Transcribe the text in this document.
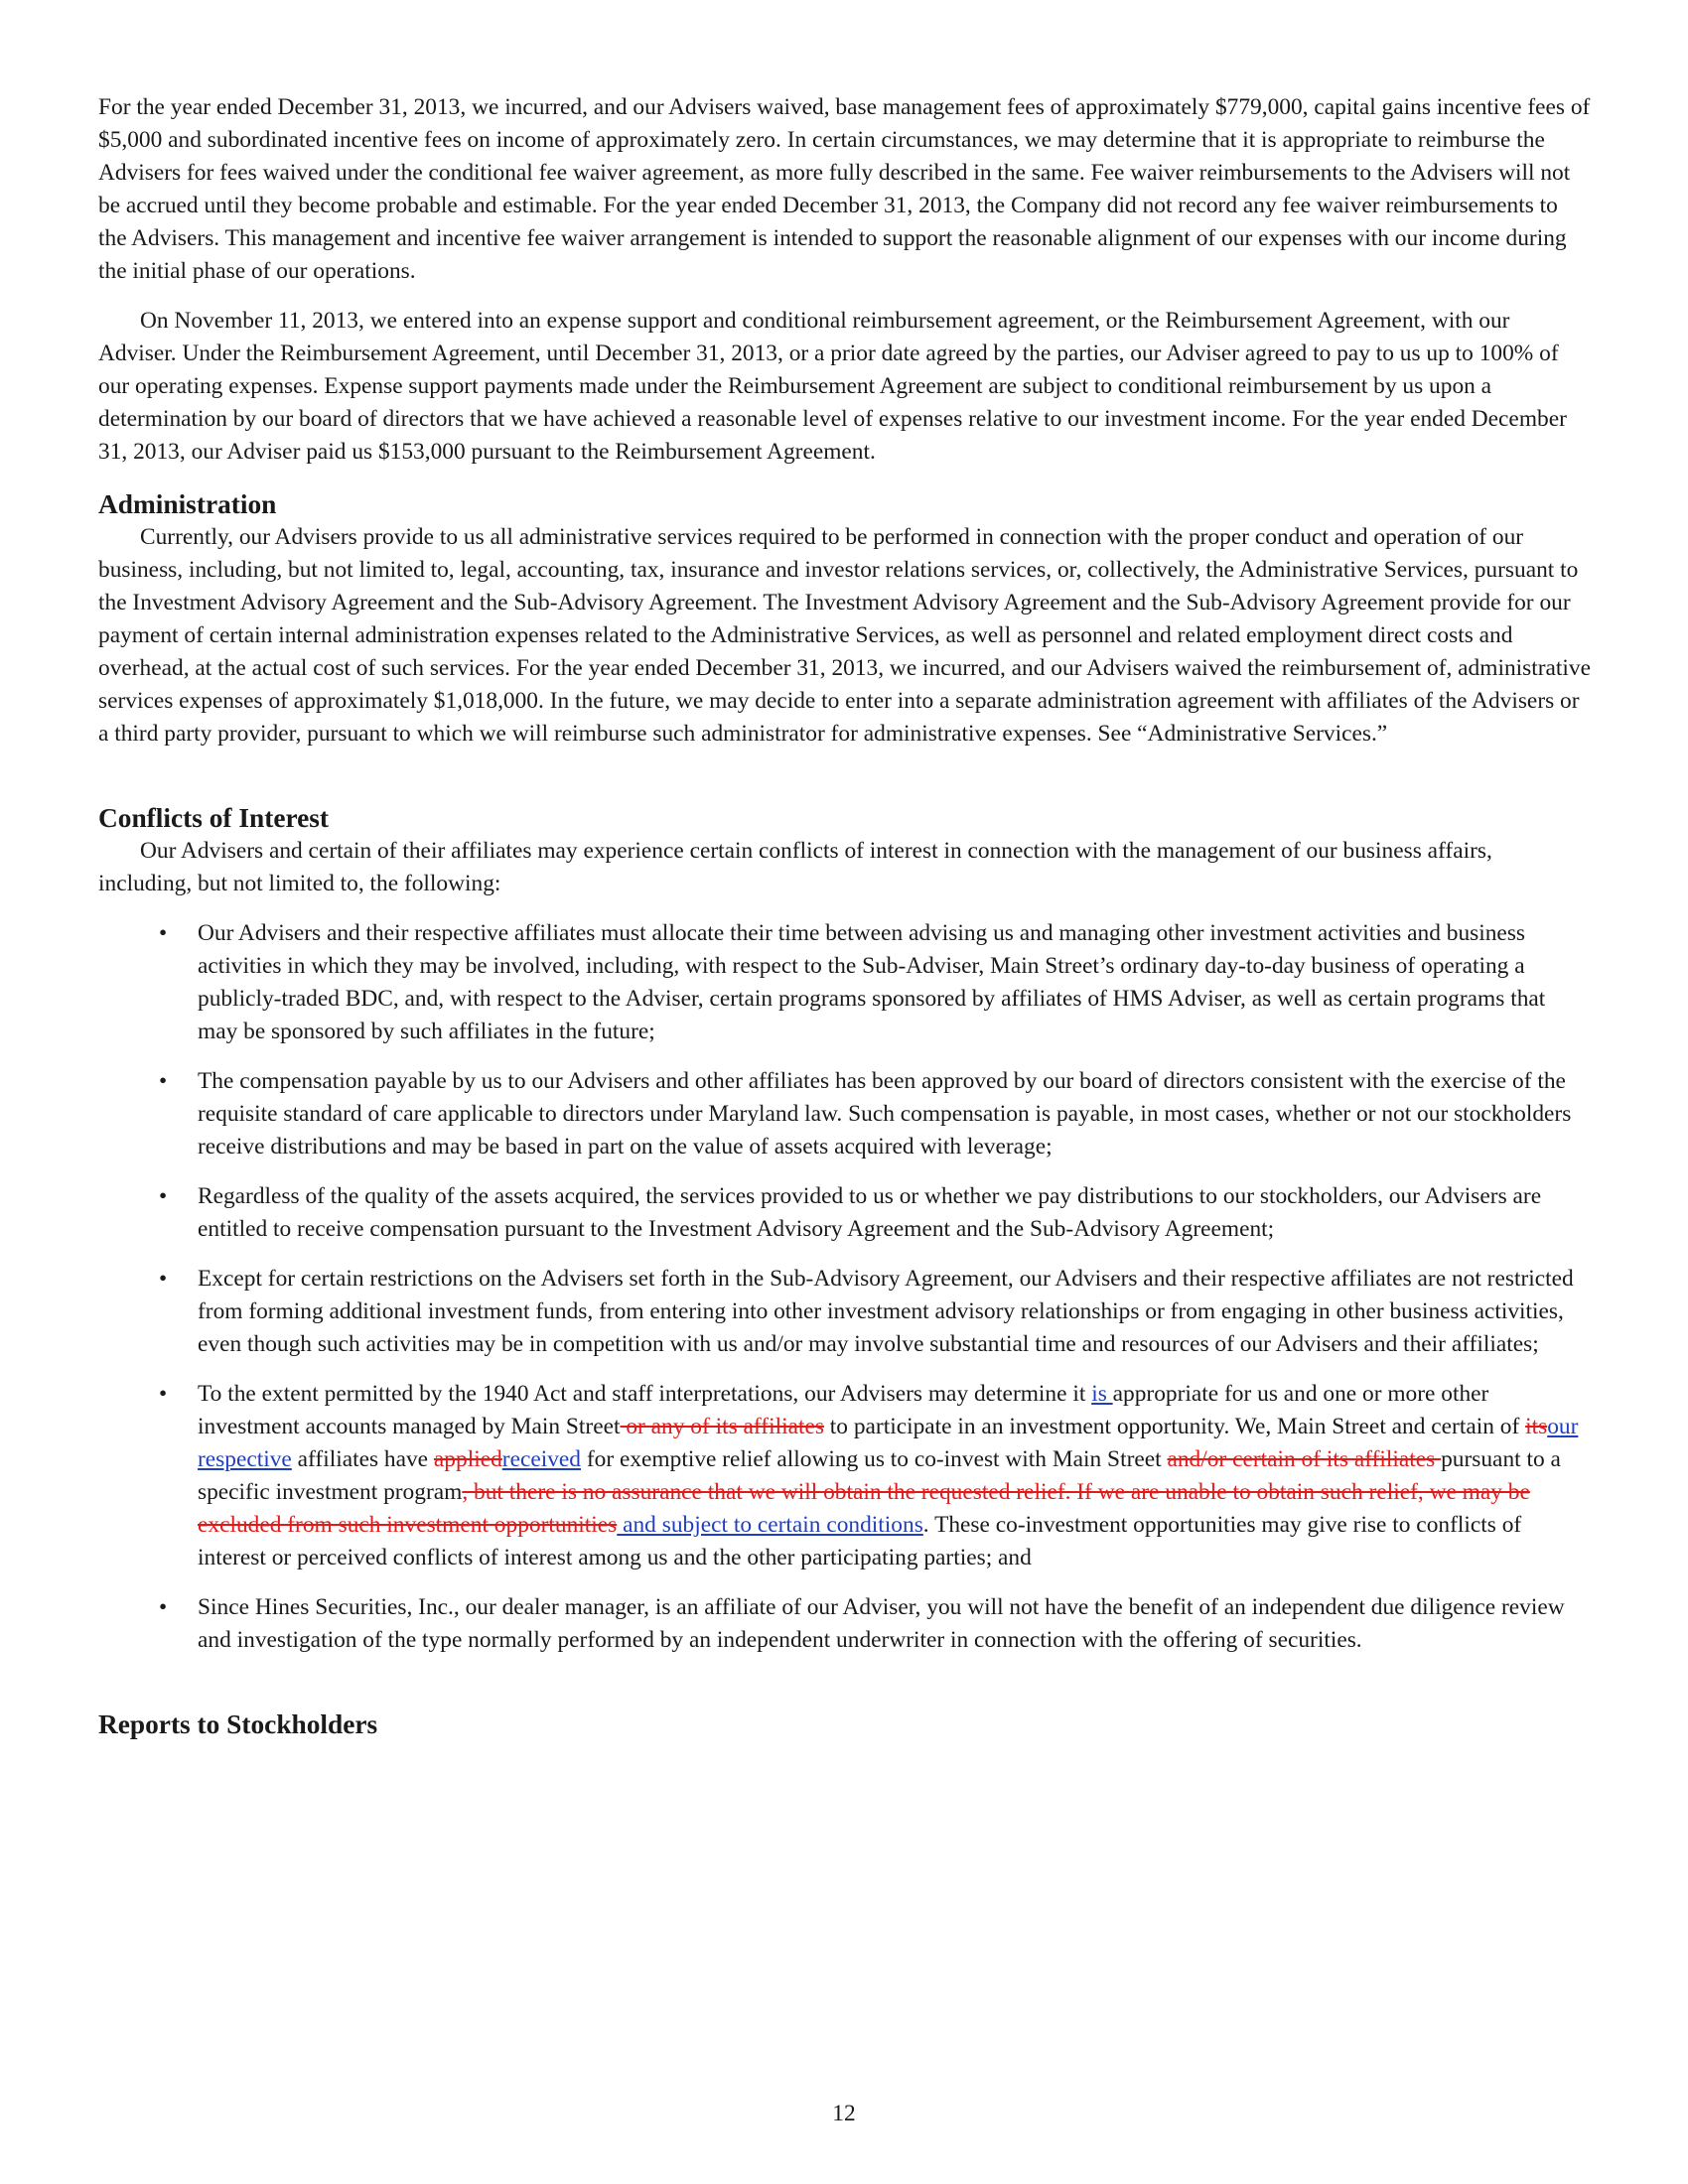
For the year ended December 31, 2013, we incurred, and our Advisers waived, base management fees of approximately $779,000, capital gains incentive fees of $5,000 and subordinated incentive fees on income of approximately zero. In certain circumstances, we may determine that it is appropriate to reimburse the Advisers for fees waived under the conditional fee waiver agreement, as more fully described in the same. Fee waiver reimbursements to the Advisers will not be accrued until they become probable and estimable. For the year ended December 31, 2013, the Company did not record any fee waiver reimbursements to the Advisers. This management and incentive fee waiver arrangement is intended to support the reasonable alignment of our expenses with our income during the initial phase of our operations.

On November 11, 2013, we entered into an expense support and conditional reimbursement agreement, or the Reimbursement Agreement, with our Adviser. Under the Reimbursement Agreement, until December 31, 2013, or a prior date agreed by the parties, our Adviser agreed to pay to us up to 100% of our operating expenses. Expense support payments made under the Reimbursement Agreement are subject to conditional reimbursement by us upon a determination by our board of directors that we have achieved a reasonable level of expenses relative to our investment income. For the year ended December 31, 2013, our Adviser paid us $153,000 pursuant to the Reimbursement Agreement.

Administration

Currently, our Advisers provide to us all administrative services required to be performed in connection with the proper conduct and operation of our business, including, but not limited to, legal, accounting, tax, insurance and investor relations services, or, collectively, the Administrative Services, pursuant to the Investment Advisory Agreement and the Sub-Advisory Agreement. The Investment Advisory Agreement and the Sub-Advisory Agreement provide for our payment of certain internal administration expenses related to the Administrative Services, as well as personnel and related employment direct costs and overhead, at the actual cost of such services. For the year ended December 31, 2013, we incurred, and our Advisers waived the reimbursement of, administrative services expenses of approximately $1,018,000. In the future, we may decide to enter into a separate administration agreement with affiliates of the Advisers or a third party provider, pursuant to which we will reimburse such administrator for administrative expenses. See “Administrative Services.”

Conflicts of Interest

Our Advisers and certain of their affiliates may experience certain conflicts of interest in connection with the management of our business affairs, including, but not limited to, the following:

• Our Advisers and their respective affiliates must allocate their time between advising us and managing other investment activities and business activities in which they may be involved, including, with respect to the Sub-Adviser, Main Street’s ordinary day-to-day business of operating a publicly-traded BDC, and, with respect to the Adviser, certain programs sponsored by affiliates of HMS Adviser, as well as certain programs that may be sponsored by such affiliates in the future;
• The compensation payable by us to our Advisers and other affiliates has been approved by our board of directors consistent with the exercise of the requisite standard of care applicable to directors under Maryland law. Such compensation is payable, in most cases, whether or not our stockholders receive distributions and may be based in part on the value of assets acquired with leverage;
• Regardless of the quality of the assets acquired, the services provided to us or whether we pay distributions to our stockholders, our Advisers are entitled to receive compensation pursuant to the Investment Advisory Agreement and the Sub-Advisory Agreement;
• Except for certain restrictions on the Advisers set forth in the Sub-Advisory Agreement, our Advisers and their respective affiliates are not restricted from forming additional investment funds, from entering into other investment advisory relationships or from engaging in other business activities, even though such activities may be in competition with us and/or may involve substantial time and resources of our Advisers and their affiliates;
• To the extent permitted by the 1940 Act and staff interpretations, our Advisers may determine it is appropriate for us and one or more other investment accounts managed by Main Street or any of its affiliates to participate in an investment opportunity. We, Main Street and certain of itsour respective affiliates have appliedreceived for exemptive relief allowing us to co-invest with Main Street and/or certain of its affiliates pursuant to a specific investment program, but there is no assurance that we will obtain the requested relief. If we are unable to obtain such relief, we may be excluded from such investment opportunities and subject to certain conditions. These co-investment opportunities may give rise to conflicts of interest or perceived conflicts of interest among us and the other participating parties; and
• Since Hines Securities, Inc., our dealer manager, is an affiliate of our Adviser, you will not have the benefit of an independent due diligence review and investigation of the type normally performed by an independent underwriter in connection with the offering of securities.
Reports to Stockholders
12
